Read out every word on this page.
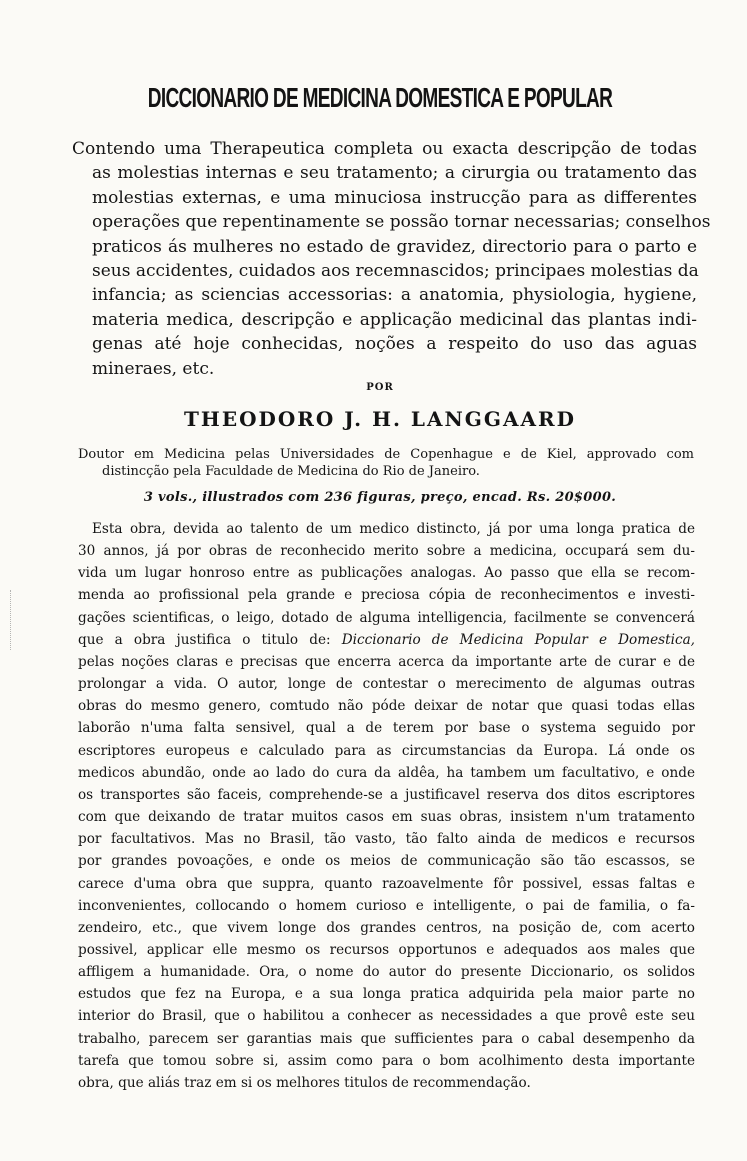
DICCIONARIO DE MEDICINA DOMESTICA E POPULAR
Contendo uma Therapeutica completa ou exacta descripção de todas
as molestias internas e seu tratamento; a cirurgia ou tratamento das
molestias externas, e uma minuciosa instrucção para as differentes
operações que repentinamente se possão tornar necessarias; conselhos
praticos ás mulheres no estado de gravidez, directorio para o parto e
seus accidentes, cuidados aos recemnascidos; principaes molestias da
infancia; as sciencias accessorias: a anatomia, physiologia, hygiene,
materia medica, descripção e applicação medicinal das plantas indi-
genas até hoje conhecidas, noções a respeito do uso das aguas
mineraes, etc.
POR
THEODORO J. H. LANGGAARD
Doutor em Medicina pelas Universidades de Copenhague e de Kiel, approvado com
distincção pela Faculdade de Medicina do Rio de Janeiro.
3 vols., illustrados com 236 figuras, preço, encad. Rs. 20$000.
Esta obra, devida ao talento de um medico distincto, já por uma longa pratica de
30 annos, já por obras de reconhecido merito sobre a medicina, occupará sem du-
vida um lugar honroso entre as publicações analogas. Ao passo que ella se recom-
menda ao profissional pela grande e preciosa cópia de reconhecimentos e investi-
gações scientificas, o leigo, dotado de alguma intelligencia, facilmente se convencerá
que a obra justifica o titulo de: Diccionario de Medicina Popular e Domestica,
pelas noções claras e precisas que encerra acerca da importante arte de curar e de
prolongar a vida. O autor, longe de contestar o merecimento de algumas outras
obras do mesmo genero, comtudo não póde deixar de notar que quasi todas ellas
laborão n'uma falta sensivel, qual a de terem por base o systema seguido por
escriptores europeus e calculado para as circumstancias da Europa. Lá onde os
medicos abundão, onde ao lado do cura da aldêa, ha tambem um facultativo, e onde
os transportes são faceis, comprehende-se a justificavel reserva dos ditos escriptores
com que deixando de tratar muitos casos em suas obras, insistem n'um tratamento
por facultativos. Mas no Brasil, tão vasto, tão falto ainda de medicos e recursos
por grandes povoações, e onde os meios de communicação são tão escassos, se
carece d'uma obra que suppra, quanto razoavelmente fôr possivel, essas faltas e
inconvenientes, collocando o homem curioso e intelligente, o pai de familia, o fa-
zendeiro, etc., que vivem longe dos grandes centros, na posição de, com acerto
possivel, applicar elle mesmo os recursos opportunos e adequados aos males que
affligem a humanidade. Ora, o nome do autor do presente Diccionario, os solidos
estudos que fez na Europa, e a sua longa pratica adquirida pela maior parte no
interior do Brasil, que o habilitou a conhecer as necessidades a que provê este seu
trabalho, parecem ser garantias mais que sufficientes para o cabal desempenho da
tarefa que tomou sobre si, assim como para o bom acolhimento desta importante
obra, que aliás traz em si os melhores titulos de recommendação.
